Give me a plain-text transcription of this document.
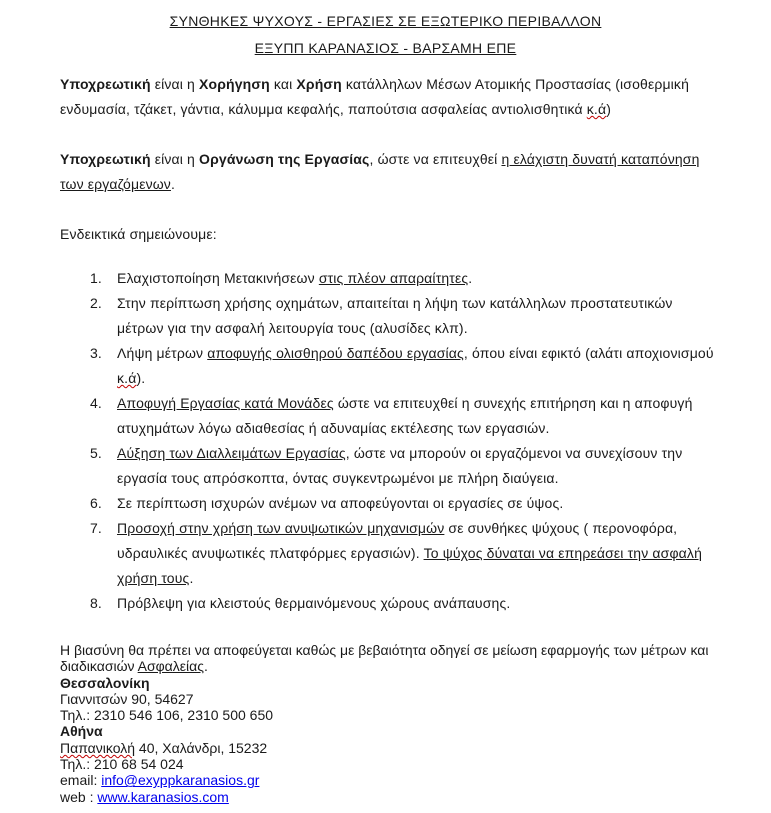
ΣΥΝΘΗΚΕΣ ΨΥΧΟΥΣ - ΕΡΓΑΣΙΕΣ ΣΕ ΕΞΩΤΕΡΙΚΟ ΠΕΡΙΒΑΛΛΟΝ
ΕΞΥΠΠ ΚΑΡΑΝΑΣΙΟΣ - ΒΑΡΣΑΜΗ ΕΠΕ
Υποχρεωτική είναι η Χορήγηση και Χρήση κατάλληλων Μέσων Ατομικής Προστασίας (ισοθερμική ενδυμασία, τζάκετ, γάντια, κάλυμμα κεφαλής, παπούτσια ασφαλείας αντιολισθητικά κ.ά)
Υποχρεωτική είναι η Οργάνωση της Εργασίας, ώστε να επιτευχθεί η ελάχιστη δυνατή καταπόνηση των εργαζόμενων.
Ενδεικτικά σημειώνουμε:
1. Ελαχιστοποίηση Μετακινήσεων στις πλέον απαραίτητες.
2. Στην περίπτωση χρήσης οχημάτων, απαιτείται η λήψη των κατάλληλων προστατευτικών μέτρων για την ασφαλή λειτουργία τους (αλυσίδες κλπ).
3. Λήψη μέτρων αποφυγής ολισθηρού δαπέδου εργασίας, όπου είναι εφικτό (αλάτι αποχιονισμού κ.ά).
4. Αποφυγή Εργασίας κατά Μονάδες ώστε να επιτευχθεί η συνεχής επιτήρηση και η αποφυγή ατυχημάτων λόγω αδιαθεσίας ή αδυναμίας εκτέλεσης των εργασιών.
5. Αύξηση των Διαλλειμάτων Εργασίας, ώστε να μπορούν οι εργαζόμενοι να συνεχίσουν την εργασία τους απρόσκοπτα, όντας συγκεντρωμένοι με πλήρη διαύγεια.
6. Σε περίπτωση ισχυρών ανέμων να αποφεύγονται οι εργασίες σε ύψος.
7. Προσοχή στην χρήση των ανυψωτικών μηχανισμών σε συνθήκες ψύχους ( περονοφόρα, υδραυλικές ανυψωτικές πλατφόρμες εργασιών). Το ψύχος δύναται να επηρεάσει την ασφαλή χρήση τους.
8. Πρόβλεψη για κλειστούς θερμαινόμενους χώρους ανάπαυσης.
Η βιασύνη θα πρέπει να αποφεύγεται καθώς με βεβαιότητα οδηγεί σε μείωση εφαρμογής των μέτρων και διαδικασιών Ασφαλείας.
Θεσσαλονίκη
Γιαννιτσών 90, 54627
Τηλ.: 2310 546 106, 2310 500 650
Αθήνα
Παπανικολή 40, Χαλάνδρι, 15232
Τηλ.: 210 68 54 024
email: info@exyppkaranasios.gr
web : www.karanasios.com
